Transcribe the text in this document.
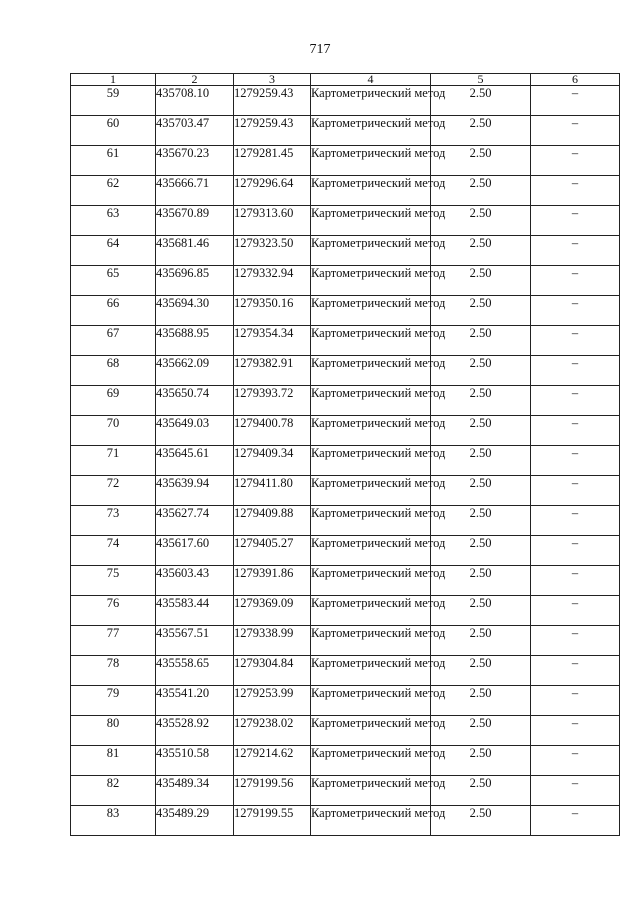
717
1	2	3	4	5	6

59	435708.10	1279259.43	Картометрический метод	2.50	–

60	435703.47	1279259.43	Картометрический метод	2.50	–

61	435670.23	1279281.45	Картометрический метод	2.50	–

62	435666.71	1279296.64	Картометрический метод	2.50	–

63	435670.89	1279313.60	Картометрический метод	2.50	–

64	435681.46	1279323.50	Картометрический метод	2.50	–

65	435696.85	1279332.94	Картометрический метод	2.50	–

66	435694.30	1279350.16	Картометрический метод	2.50	–

67	435688.95	1279354.34	Картометрический метод	2.50	–

68	435662.09	1279382.91	Картометрический метод	2.50	–

69	435650.74	1279393.72	Картометрический метод	2.50	–

70	435649.03	1279400.78	Картометрический метод	2.50	–

71	435645.61	1279409.34	Картометрический метод	2.50	–

72	435639.94	1279411.80	Картометрический метод	2.50	–

73	435627.74	1279409.88	Картометрический метод	2.50	–

74	435617.60	1279405.27	Картометрический метод	2.50	–

75	435603.43	1279391.86	Картометрический метод	2.50	–

76	435583.44	1279369.09	Картометрический метод	2.50	–

77	435567.51	1279338.99	Картометрический метод	2.50	–

78	435558.65	1279304.84	Картометрический метод	2.50	–

79	435541.20	1279253.99	Картометрический метод	2.50	–

80	435528.92	1279238.02	Картометрический метод	2.50	–

81	435510.58	1279214.62	Картометрический метод	2.50	–

82	435489.34	1279199.56	Картометрический метод	2.50	–

83	435489.29	1279199.55	Картометрический метод	2.50	–
